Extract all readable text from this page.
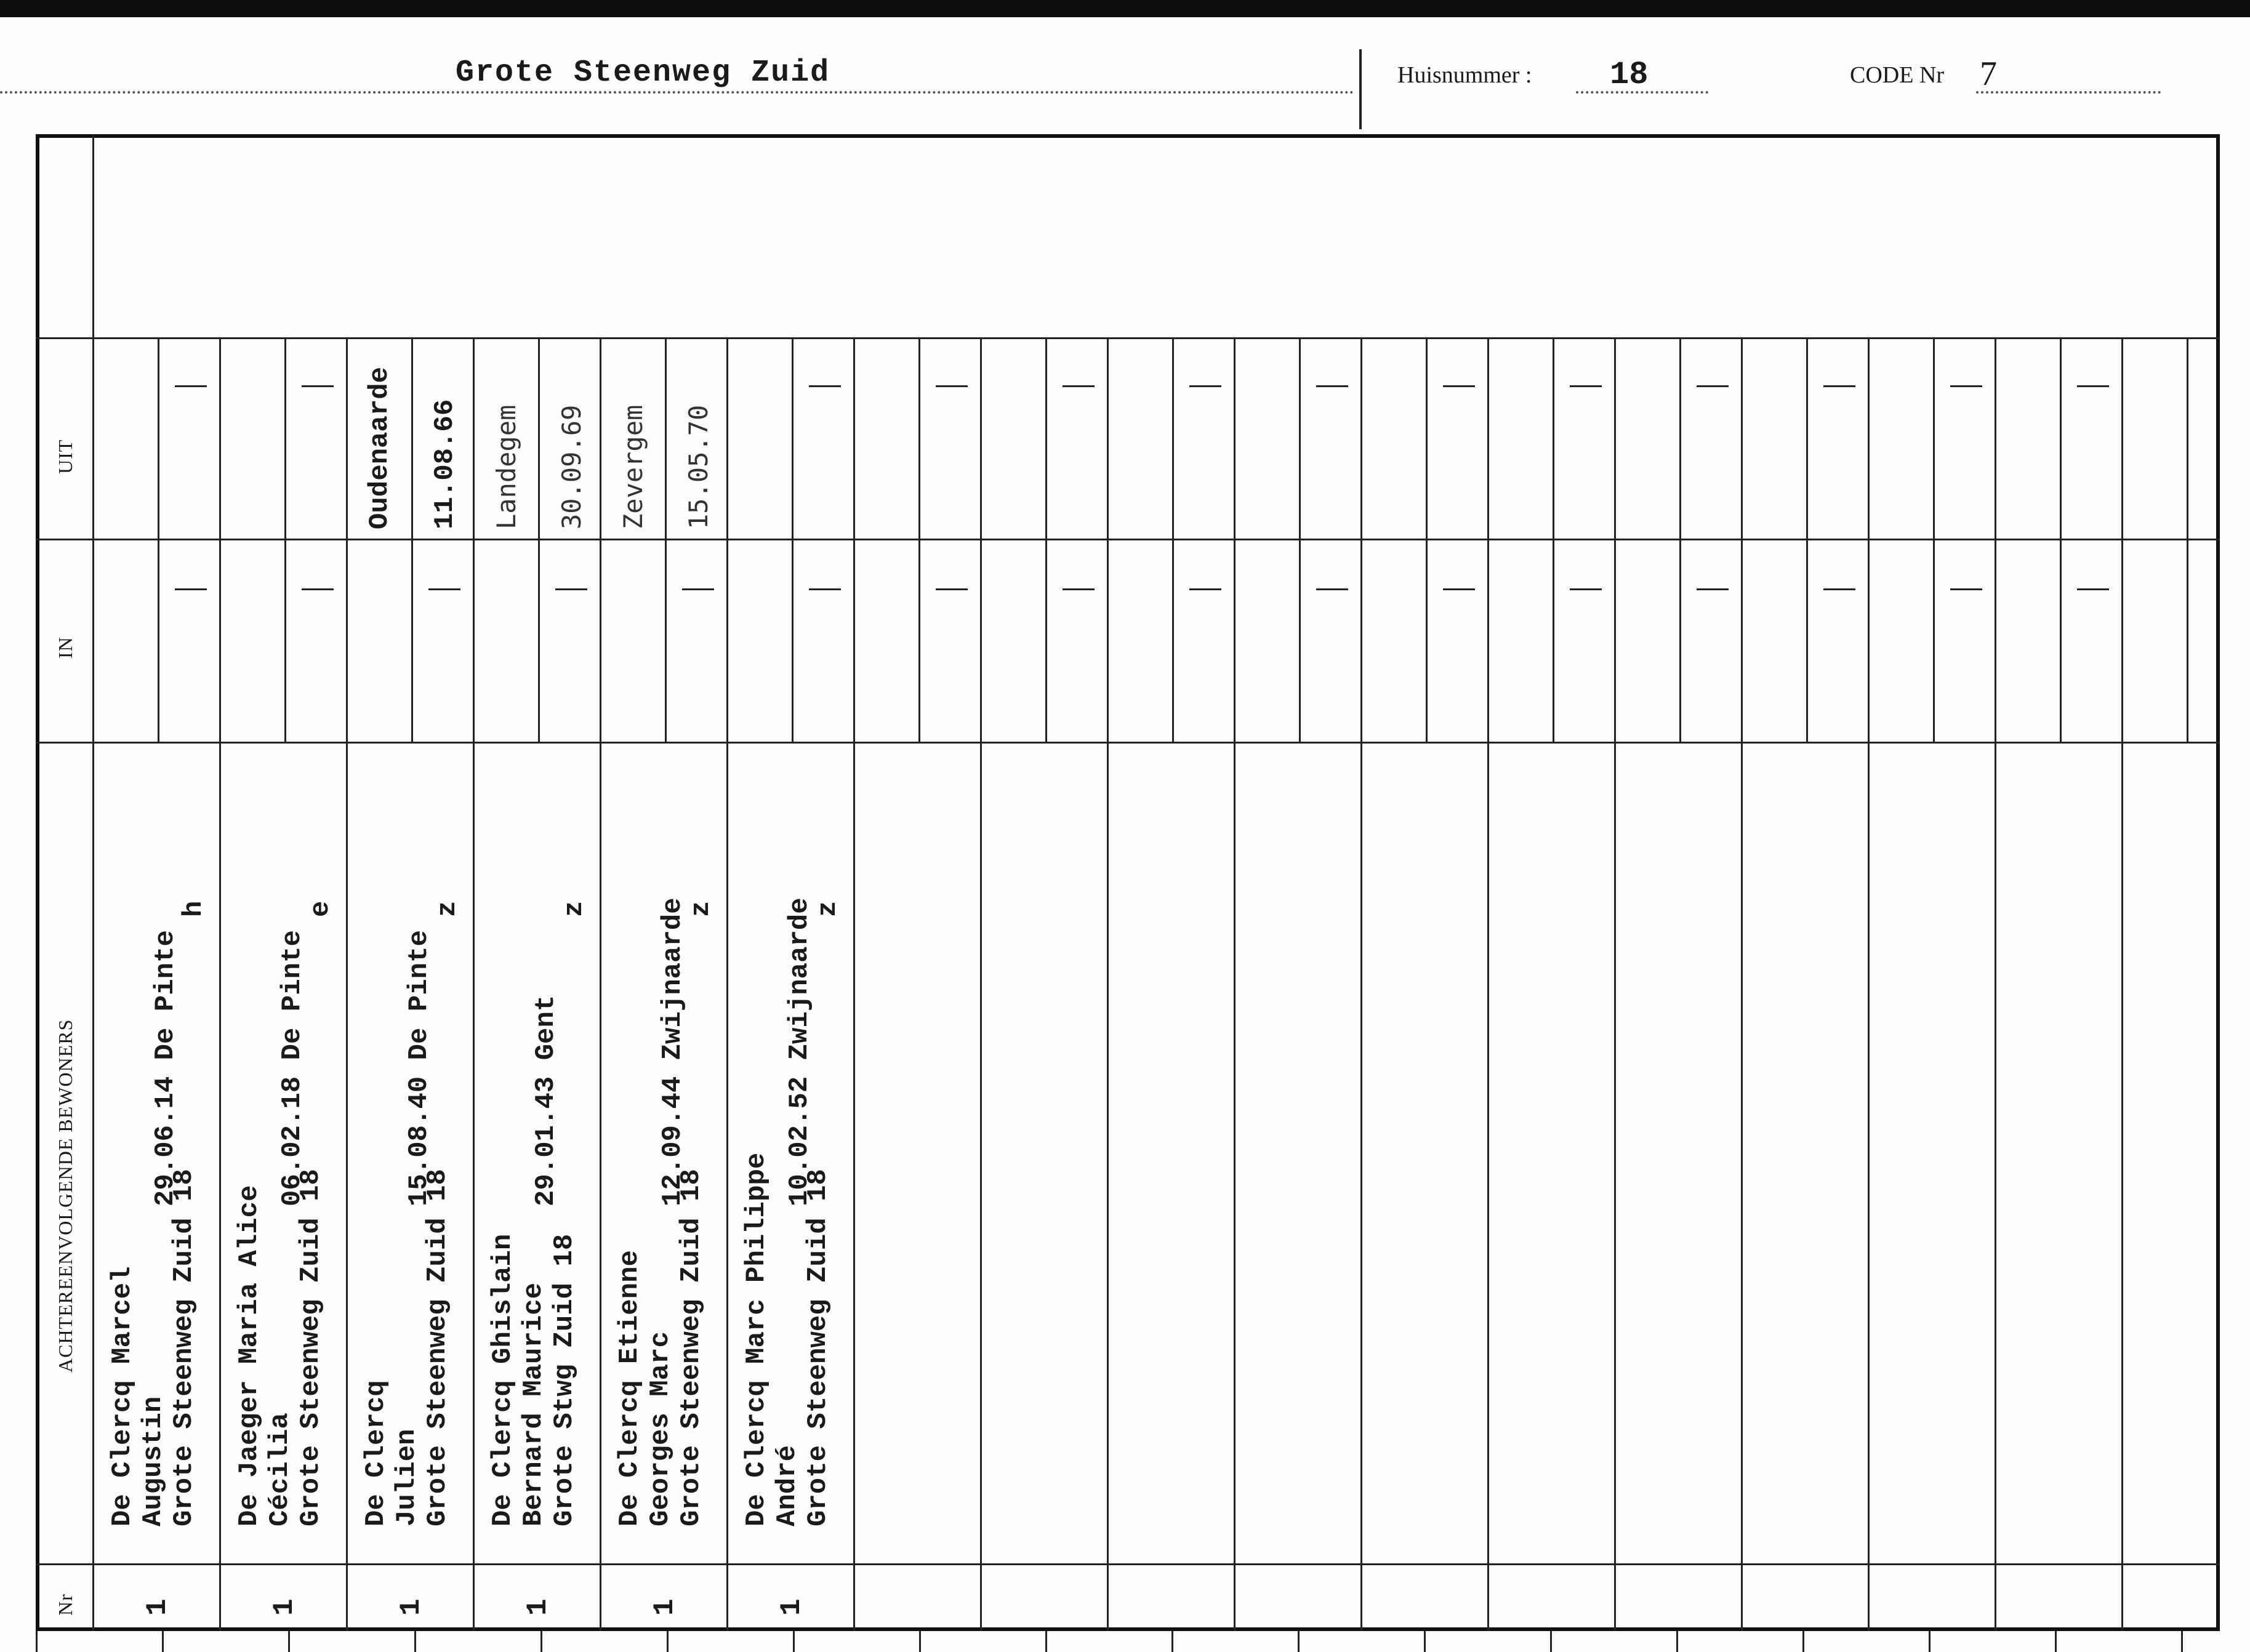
Grote Steenweg Zuid	Huisnummer : 18	CODE Nr 7
UIT
IN
ACHTEREENVOLGENDE BEWONERS
Nr
De Clercq Marcel Augustin Grote Steenweg Zuid 18
29.06.14 De Pinte
h
1
De Jaeger Maria Alice Cécilia Grote Steenweg Zuid 18
06.02.18 De Pinte
e
1
Oudenaarde 11.08.66
De Clercq Julien Grote Steenweg Zuid 18
15.08.40 De Pinte
z
1
Landegem 30.09.69
De Clercq Ghislain Bernard Maurice Grote Stwg Zuid 18
29.01.43 Gent
z
1
Zevergem 15.05.70
De Clercq Etienne Georges Marc Grote Steenweg Zuid 18
12.09.44 Zwijnaarde
z
1
De Clercq Marc Philippe André Grote Steenweg Zuid 18
10.02.52 Zwijnaarde
z
1
